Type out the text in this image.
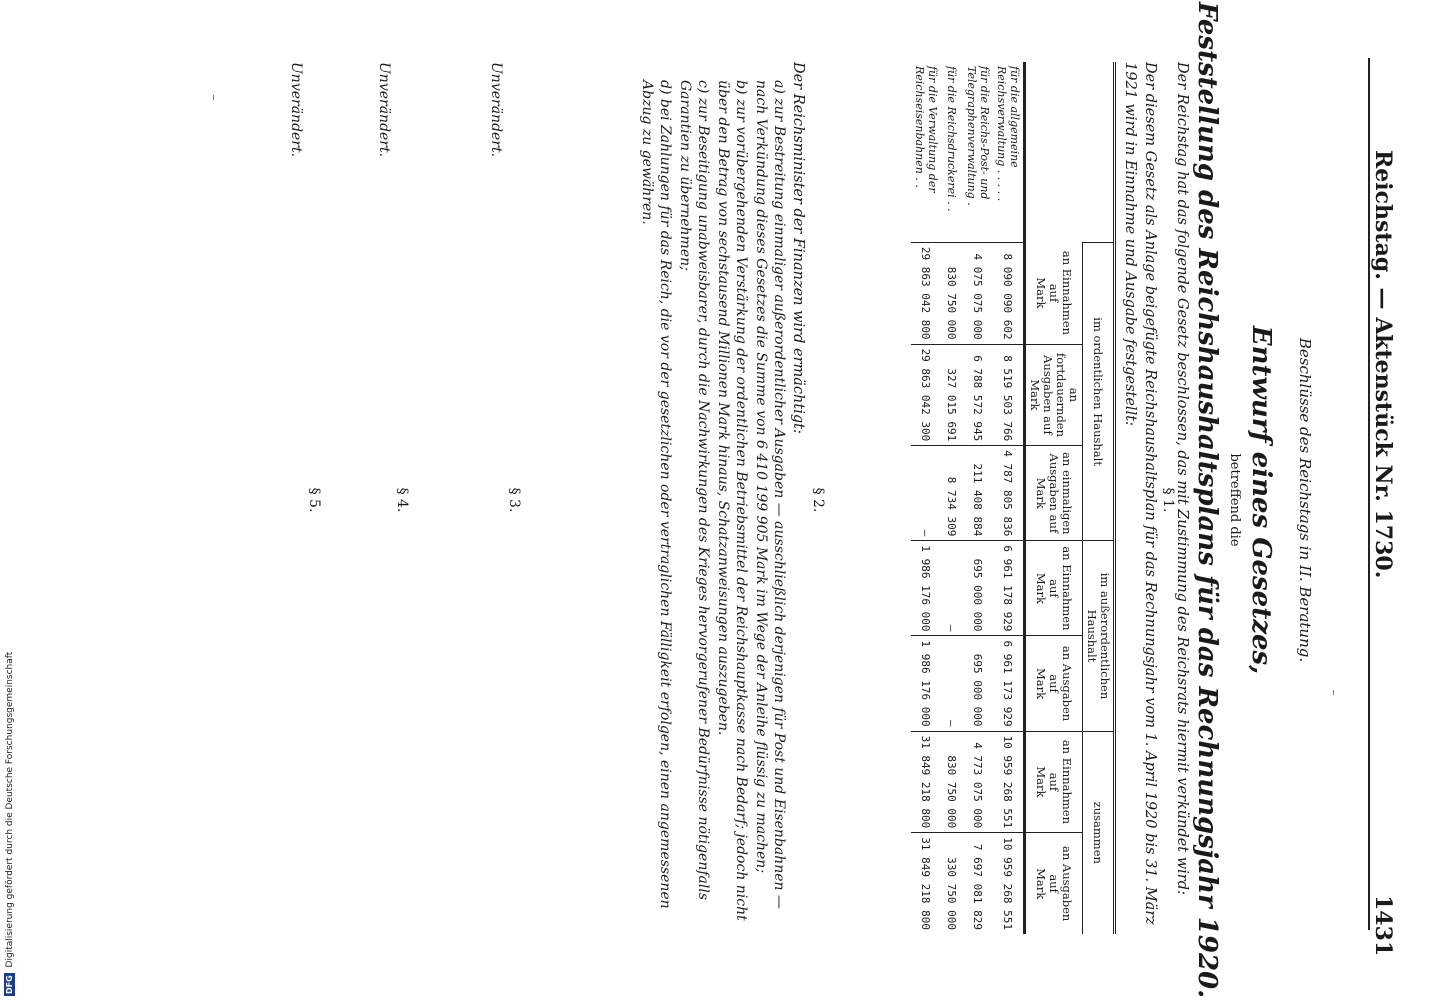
Reichstag. — Aktenstück Nr. 1730.
1431
Beschlüsse des Reichstags in II. Beratung.
Entwurf eines Gesetzes,
betreffend die
Feststellung des Reichshaushaltsplans für das Rechnungsjahr 1920.
Der Reichstag hat das folgende Gesetz beschlossen, das mit Zustimmung des Reichsrats hiermit verkündet wird:
§ 1.
Der diesem Gesetz als Anlage beigefügte Reichshaushaltsplan für das Rechnungsjahr vom 1. April 1920 bis 31. März 1921 wird in Einnahme und Ausgabe festgestellt:
	im ordentlichen Haushalt			im außerordentlichen Haushalt		zusammen	
	an Einnahmen auf
Mark	an fortdauernden Ausgaben auf
Mark	an einmaligen Ausgaben auf
Mark	an Einnahmen auf
Mark	an Ausgaben auf
Mark	an Einnahmen auf
Mark	an Ausgaben auf
Mark
für die allgemeine Reichsverwaltung . . . . .	8 090 090 602	8 519 503 766	4 787 805 836	6 961 178 929	6 961 173 929	10 959 268 551	10 959 268 551
für die Reichs-Post- und Telegraphenverwaltung .	4 075 075 000	6 788 572 945	211 408 884	695 000 000	695 000 000	4 773 075 000	7 697 081 829
für die Reichsdruckerei . .	830 750 000	327 015 691	8 734 309	—	—	830 750 000	330 750 000
für die Verwaltung der Reichseisenbahnen . .	29 863 042 800	29 863 042 300	—	1 986 176 000	1 986 176 000	31 849 218 800	31 849 218 800
§ 2.
Der Reichsminister der Finanzen wird ermächtigt:
a) zur Bestreitung einmaliger außerordentlicher Ausgaben — ausschließlich derjenigen für Post und Eisenbahnen — nach Verkündung dieses Gesetzes die Summe von 6 410 199 905 Mark im Wege der Anleihe flüssig zu machen;
b) zur vorübergehenden Verstärkung der ordentlichen Betriebsmittel der Reichshauptkasse nach Bedarf; jedoch nicht über den Betrag von sechstausend Millionen Mark hinaus, Schatzanweisungen auszugeben.
c) zur Beseitigung unabweisbarer, durch die Nachwirkungen des Krieges hervorgerufener Bedürfnisse nötigenfalls Garantien zu übernehmen;
d) bei Zahlungen für das Reich, die vor der gesetzlichen oder vertraglichen Fälligkeit erfolgen, einen angemessenen Abzug zu gewähren.
§ 3.
Unverändert.
§ 4.
Unverändert.
§ 5.
Unverändert.
DFG Digitalisierung gefördert durch die Deutsche Forschungsgemeinschaft
